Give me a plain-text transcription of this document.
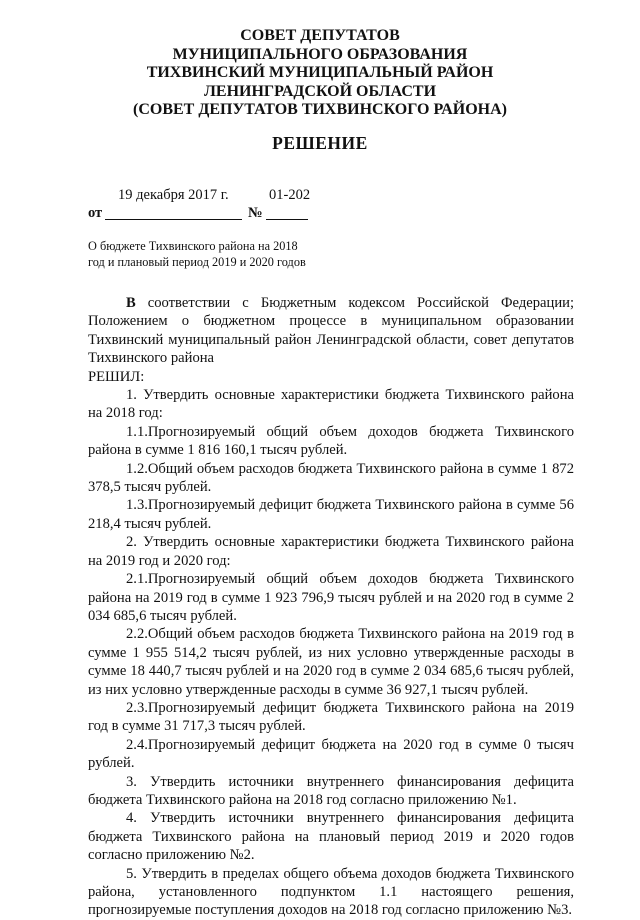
СОВЕТ ДЕПУТАТОВ
МУНИЦИПАЛЬНОГО ОБРАЗОВАНИЯ
ТИХВИНСКИЙ МУНИЦИПАЛЬНЫЙ РАЙОН
ЛЕНИНГРАДСКОЙ ОБЛАСТИ
(СОВЕТ ДЕПУТАТОВ ТИХВИНСКОГО РАЙОНА)
РЕШЕНИЕ
от
19 декабря 2017 г.
№
01-202
О бюджете Тихвинского района на 2018
год и плановый период 2019 и 2020 годов

В соответствии с Бюджетным кодексом Российской Федерации; Положением о бюджетном процессе в муниципальном образовании Тихвинский муниципальный район Ленинградской области, совет депутатов Тихвинского района

РЕШИЛ:

1. Утвердить основные характеристики бюджета Тихвинского района на 2018 год:

1.1.Прогнозируемый общий объем доходов бюджета Тихвинского района в сумме 1 816 160,1 тысяч рублей.

1.2.Общий объем расходов бюджета Тихвинского района в сумме 1 872 378,5 тысяч рублей.

1.3.Прогнозируемый дефицит бюджета Тихвинского района в сумме 56 218,4 тысяч рублей.

2. Утвердить основные характеристики бюджета Тихвинского района на 2019 год и 2020 год:

2.1.Прогнозируемый общий объем доходов бюджета Тихвинского района на 2019 год в сумме 1 923 796,9 тысяч рублей и на 2020 год в сумме 2 034 685,6 тысяч рублей.

2.2.Общий объем расходов бюджета Тихвинского района на 2019 год в сумме 1 955 514,2 тысяч рублей, из них условно утвержденные расходы в сумме 18 440,7 тысяч рублей и на 2020 год в сумме 2 034 685,6 тысяч рублей, из них условно утвержденные расходы в сумме 36 927,1 тысяч рублей.

2.3.Прогнозируемый дефицит бюджета Тихвинского района на 2019 год в сумме 31 717,3 тысяч рублей.

2.4.Прогнозируемый дефицит бюджета на 2020 год в сумме 0 тысяч рублей.

3. Утвердить источники внутреннего финансирования дефицита бюджета Тихвинского района на 2018 год согласно приложению №1.

4. Утвердить источники внутреннего финансирования дефицита бюджета Тихвинского района на плановый период 2019 и 2020 годов согласно приложению №2.

5. Утвердить в пределах общего объема доходов бюджета Тихвинского района, установленного подпунктом 1.1 настоящего решения, прогнозируемые поступления доходов на 2018 год согласно приложению №3.
